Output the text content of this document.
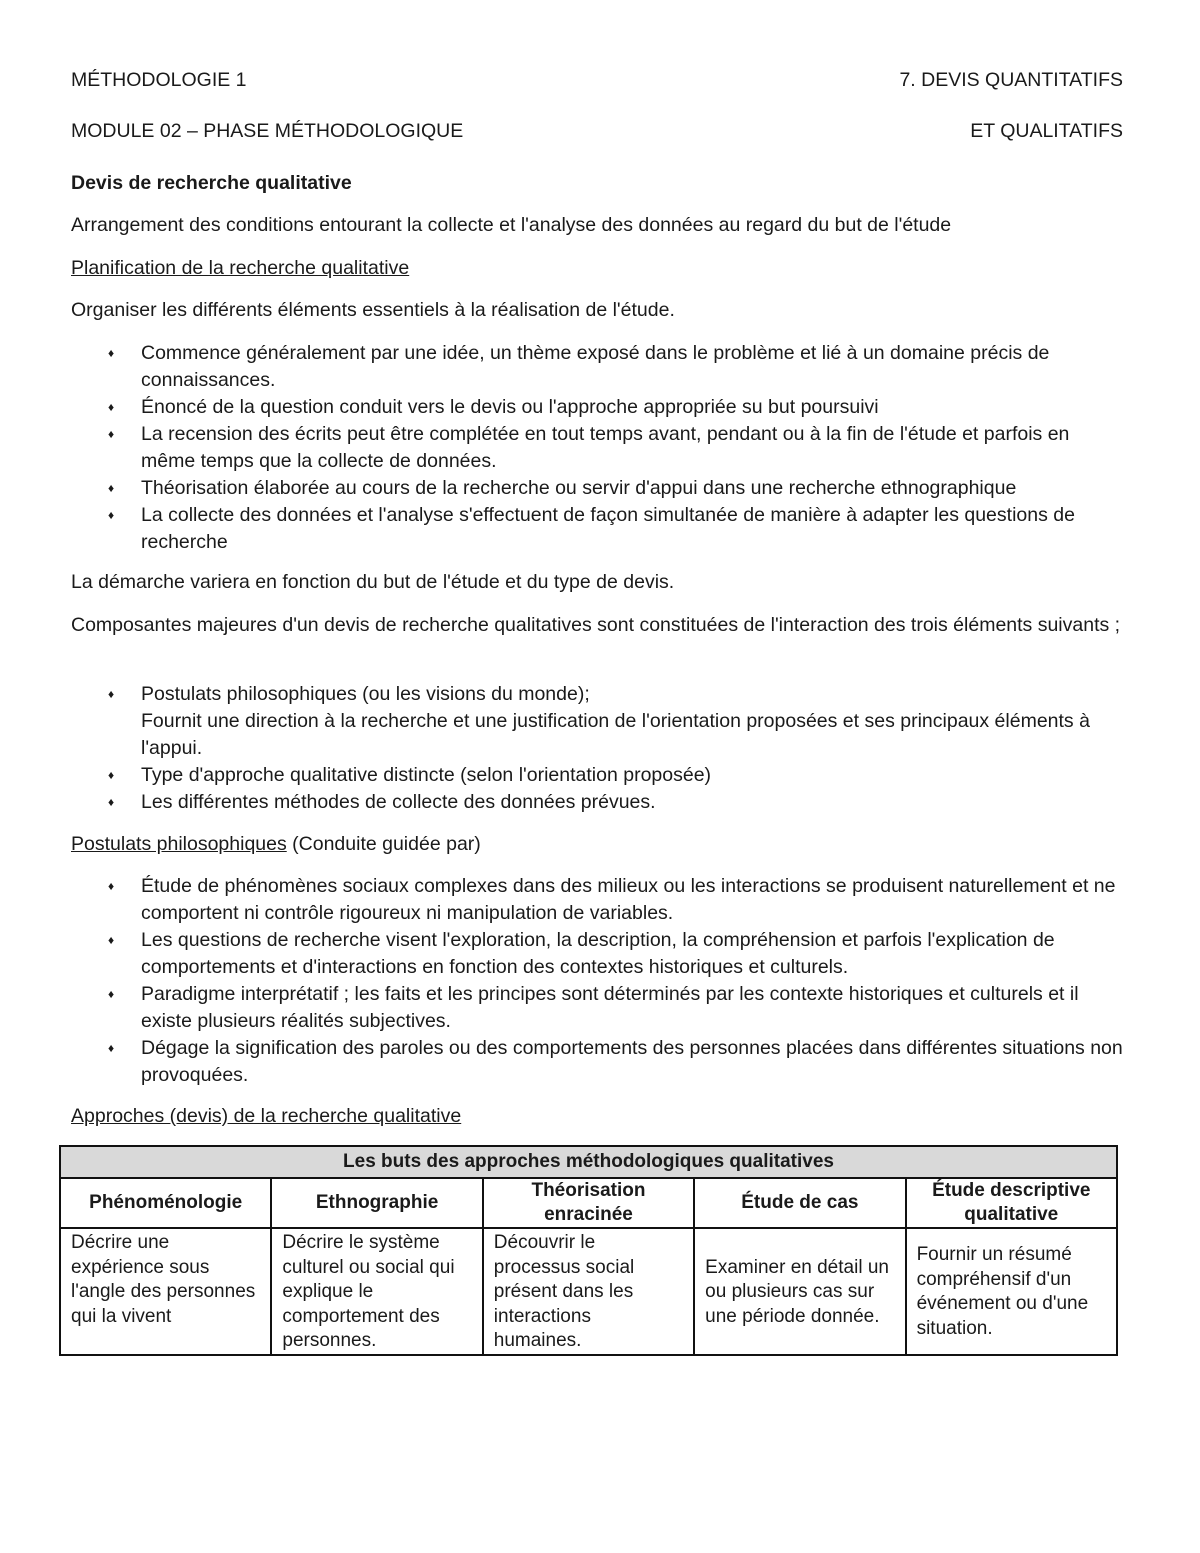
MÉTHODOLOGIE 1	7. DEVIS QUANTITATIFS
MODULE 02 – PHASE MÉTHODOLOGIQUE	ET QUALITATIFS
Devis de recherche qualitative
Arrangement des conditions entourant la collecte et l'analyse des données au regard du but de l'étude
Planification de la recherche qualitative
Organiser les différents éléments essentiels à la réalisation de l'étude.
♦ Commence généralement par une idée, un thème exposé dans le problème et lié à un domaine précis de connaissances.
♦ Énoncé de la question conduit vers le devis ou l'approche appropriée su but poursuivi
♦ La recension des écrits peut être complétée en tout temps avant, pendant ou à la fin de l'étude et parfois en même temps que la collecte de données.
♦ Théorisation élaborée au cours de la recherche ou servir d'appui dans une recherche ethnographique
♦ La collecte des données et l'analyse s'effectuent de façon simultanée de manière à adapter les questions de recherche
La démarche variera en fonction du but de l'étude et du type de devis.
Composantes majeures d'un devis de recherche qualitatives sont constituées de l'interaction des trois éléments suivants ;
♦ Postulats philosophiques (ou les visions du monde);
Fournit une direction à la recherche et une justification de l'orientation proposées et ses principaux éléments à l'appui.
♦ Type d'approche qualitative distincte (selon l'orientation proposée)
♦ Les différentes méthodes de collecte des données prévues.
Postulats philosophiques (Conduite guidée par)
♦ Étude de phénomènes sociaux complexes dans des milieux ou les interactions se produisent naturellement et ne comportent ni contrôle rigoureux ni manipulation de variables.
♦ Les questions de recherche visent l'exploration, la description, la compréhension et parfois l'explication de comportements et d'interactions en fonction des contextes historiques et culturels.
♦ Paradigme interprétatif ; les faits et les principes sont déterminés par les contexte historiques et culturels et il existe plusieurs réalités subjectives.
♦ Dégage la signification des paroles ou des comportements des personnes placées dans différentes situations non provoquées.
Approches (devis) de la recherche qualitative
Les buts des approches méthodologiques qualitatives				
Phénoménologie	Ethnographie	Théorisation enracinée	Étude de cas	Étude descriptive qualitative
Décrire une expérience sous l'angle des personnes qui la vivent	Décrire le système culturel ou social qui explique le comportement des personnes.	Découvrir le processus social présent dans les interactions humaines.	Examiner en détail un ou plusieurs cas sur une période donnée.	Fournir un résumé compréhensif d'un événement ou d'une situation.
